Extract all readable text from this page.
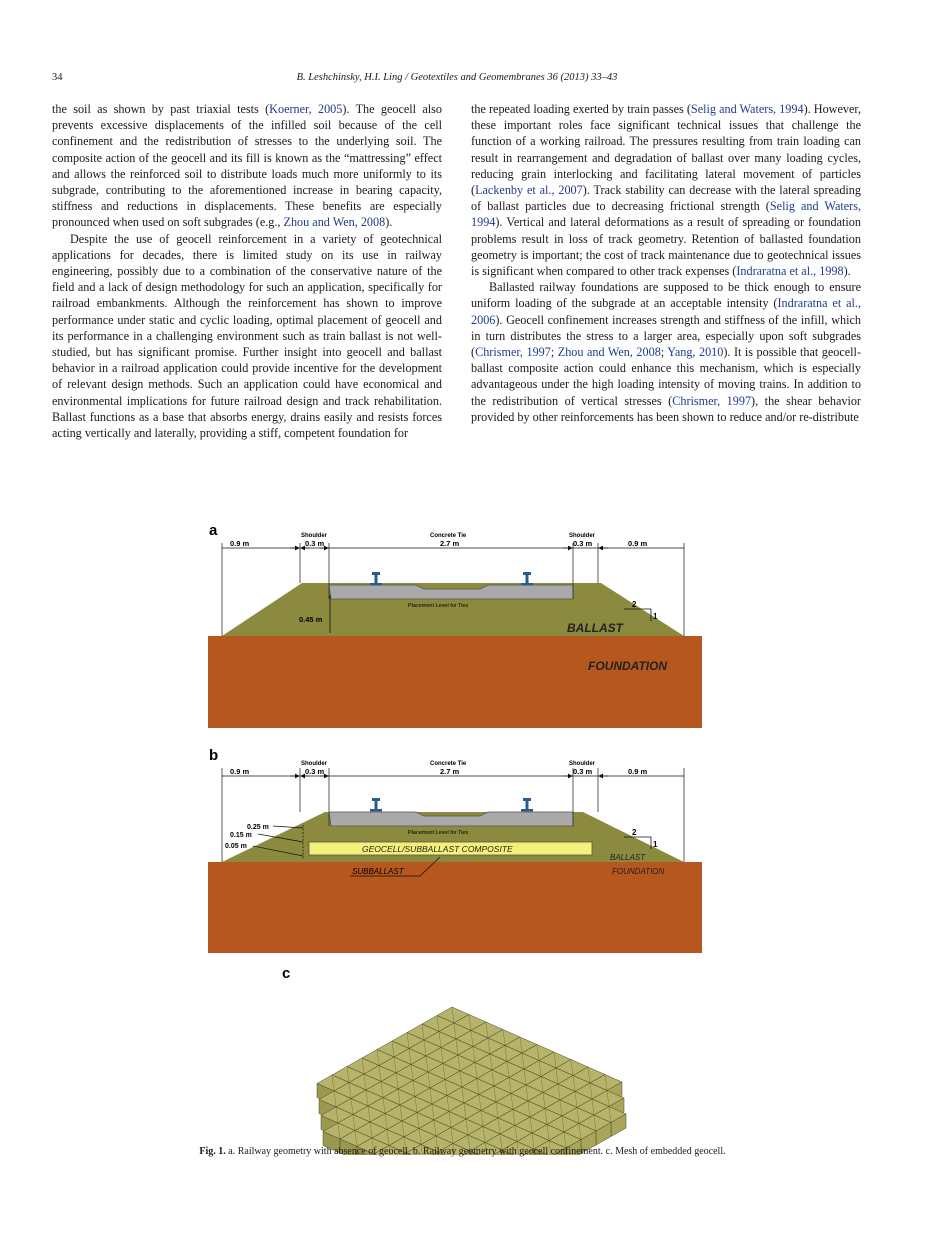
34	B. Leshchinsky, H.I. Ling / Geotextiles and Geomembranes 36 (2013) 33–43

the soil as shown by past triaxial tests (Koerner, 2005). The geocell also prevents excessive displacements of the infilled soil because of the cell confinement and the redistribution of stresses to the underlying soil. The composite action of the geocell and its fill is known as the “mattressing” effect and allows the reinforced soil to distribute loads much more uniformly to its subgrade, contributing to the aforementioned increase in bearing capacity, stiffness and reductions in displacements. These benefits are especially pronounced when used on soft subgrades (e.g., Zhou and Wen, 2008).

Despite the use of geocell reinforcement in a variety of geotechnical applications for decades, there is limited study on its use in railway engineering, possibly due to a combination of the conservative nature of the field and a lack of design methodology for such an application, specifically for railroad embankments. Although the reinforcement has shown to improve performance under static and cyclic loading, optimal placement of geocell and its performance in a challenging environment such as train ballast is not well-studied, but has significant promise. Further insight into geocell and ballast behavior in a railroad application could provide incentive for the development of relevant design methods. Such an application could have economical and environmental implications for future railroad design and track rehabilitation. Ballast functions as a base that absorbs energy, drains easily and resists forces acting vertically and laterally, providing a stiff, competent foundation for

the repeated loading exerted by train passes (Selig and Waters, 1994). However, these important roles face significant technical issues that challenge the function of a working railroad. The pressures resulting from train loading can result in rearrangement and degradation of ballast over many loading cycles, reducing grain interlocking and facilitating lateral movement of particles (Lackenby et al., 2007). Track stability can decrease with the lateral spreading of ballast particles due to decreasing frictional strength (Selig and Waters, 1994). Vertical and lateral deformations as a result of spreading or foundation problems result in loss of track geometry. Retention of ballasted foundation geometry is important; the cost of track maintenance due to geotechnical issues is significant when compared to other track expenses (Indraratna et al., 1998).

Ballasted railway foundations are supposed to be thick enough to ensure uniform loading of the subgrade at an acceptable intensity (Indraratna et al., 2006). Geocell confinement increases strength and stiffness of the infill, which in turn distributes the stress to a larger area, especially upon soft subgrades (Chrismer, 1997; Zhou and Wen, 2008; Yang, 2010). It is possible that geocell-ballast composite action could enhance this mechanism, which is especially advantageous under the high loading intensity of moving trains. In addition to the redistribution of vertical stresses (Chrismer, 1997), the shear behavior provided by other reinforcements has been shown to reduce and/or re-distribute

a
0.9 m
Shoulder
0.3 m
Concrete Tie
2.7 m
Shoulder
0.3 m	0.9 m
Placement Level for Ties
0.45 m
2
1
BALLAST
FOUNDATION
b
0.9 m
Shoulder
0.3 m
Concrete Tie
2.7 m
Shoulder
0.3 m	0.9 m
Placement Level for Ties
0.25 m
0.15 m
0.05 m	GEOCELL/SUBBALLAST COMPOSITE
SUBBALLAST
2
1
BALLAST
FOUNDATION
c
Fig. 1. a. Railway geometry with absence of geocell. b. Railway geometry with geocell confinement. c. Mesh of embedded geocell.
